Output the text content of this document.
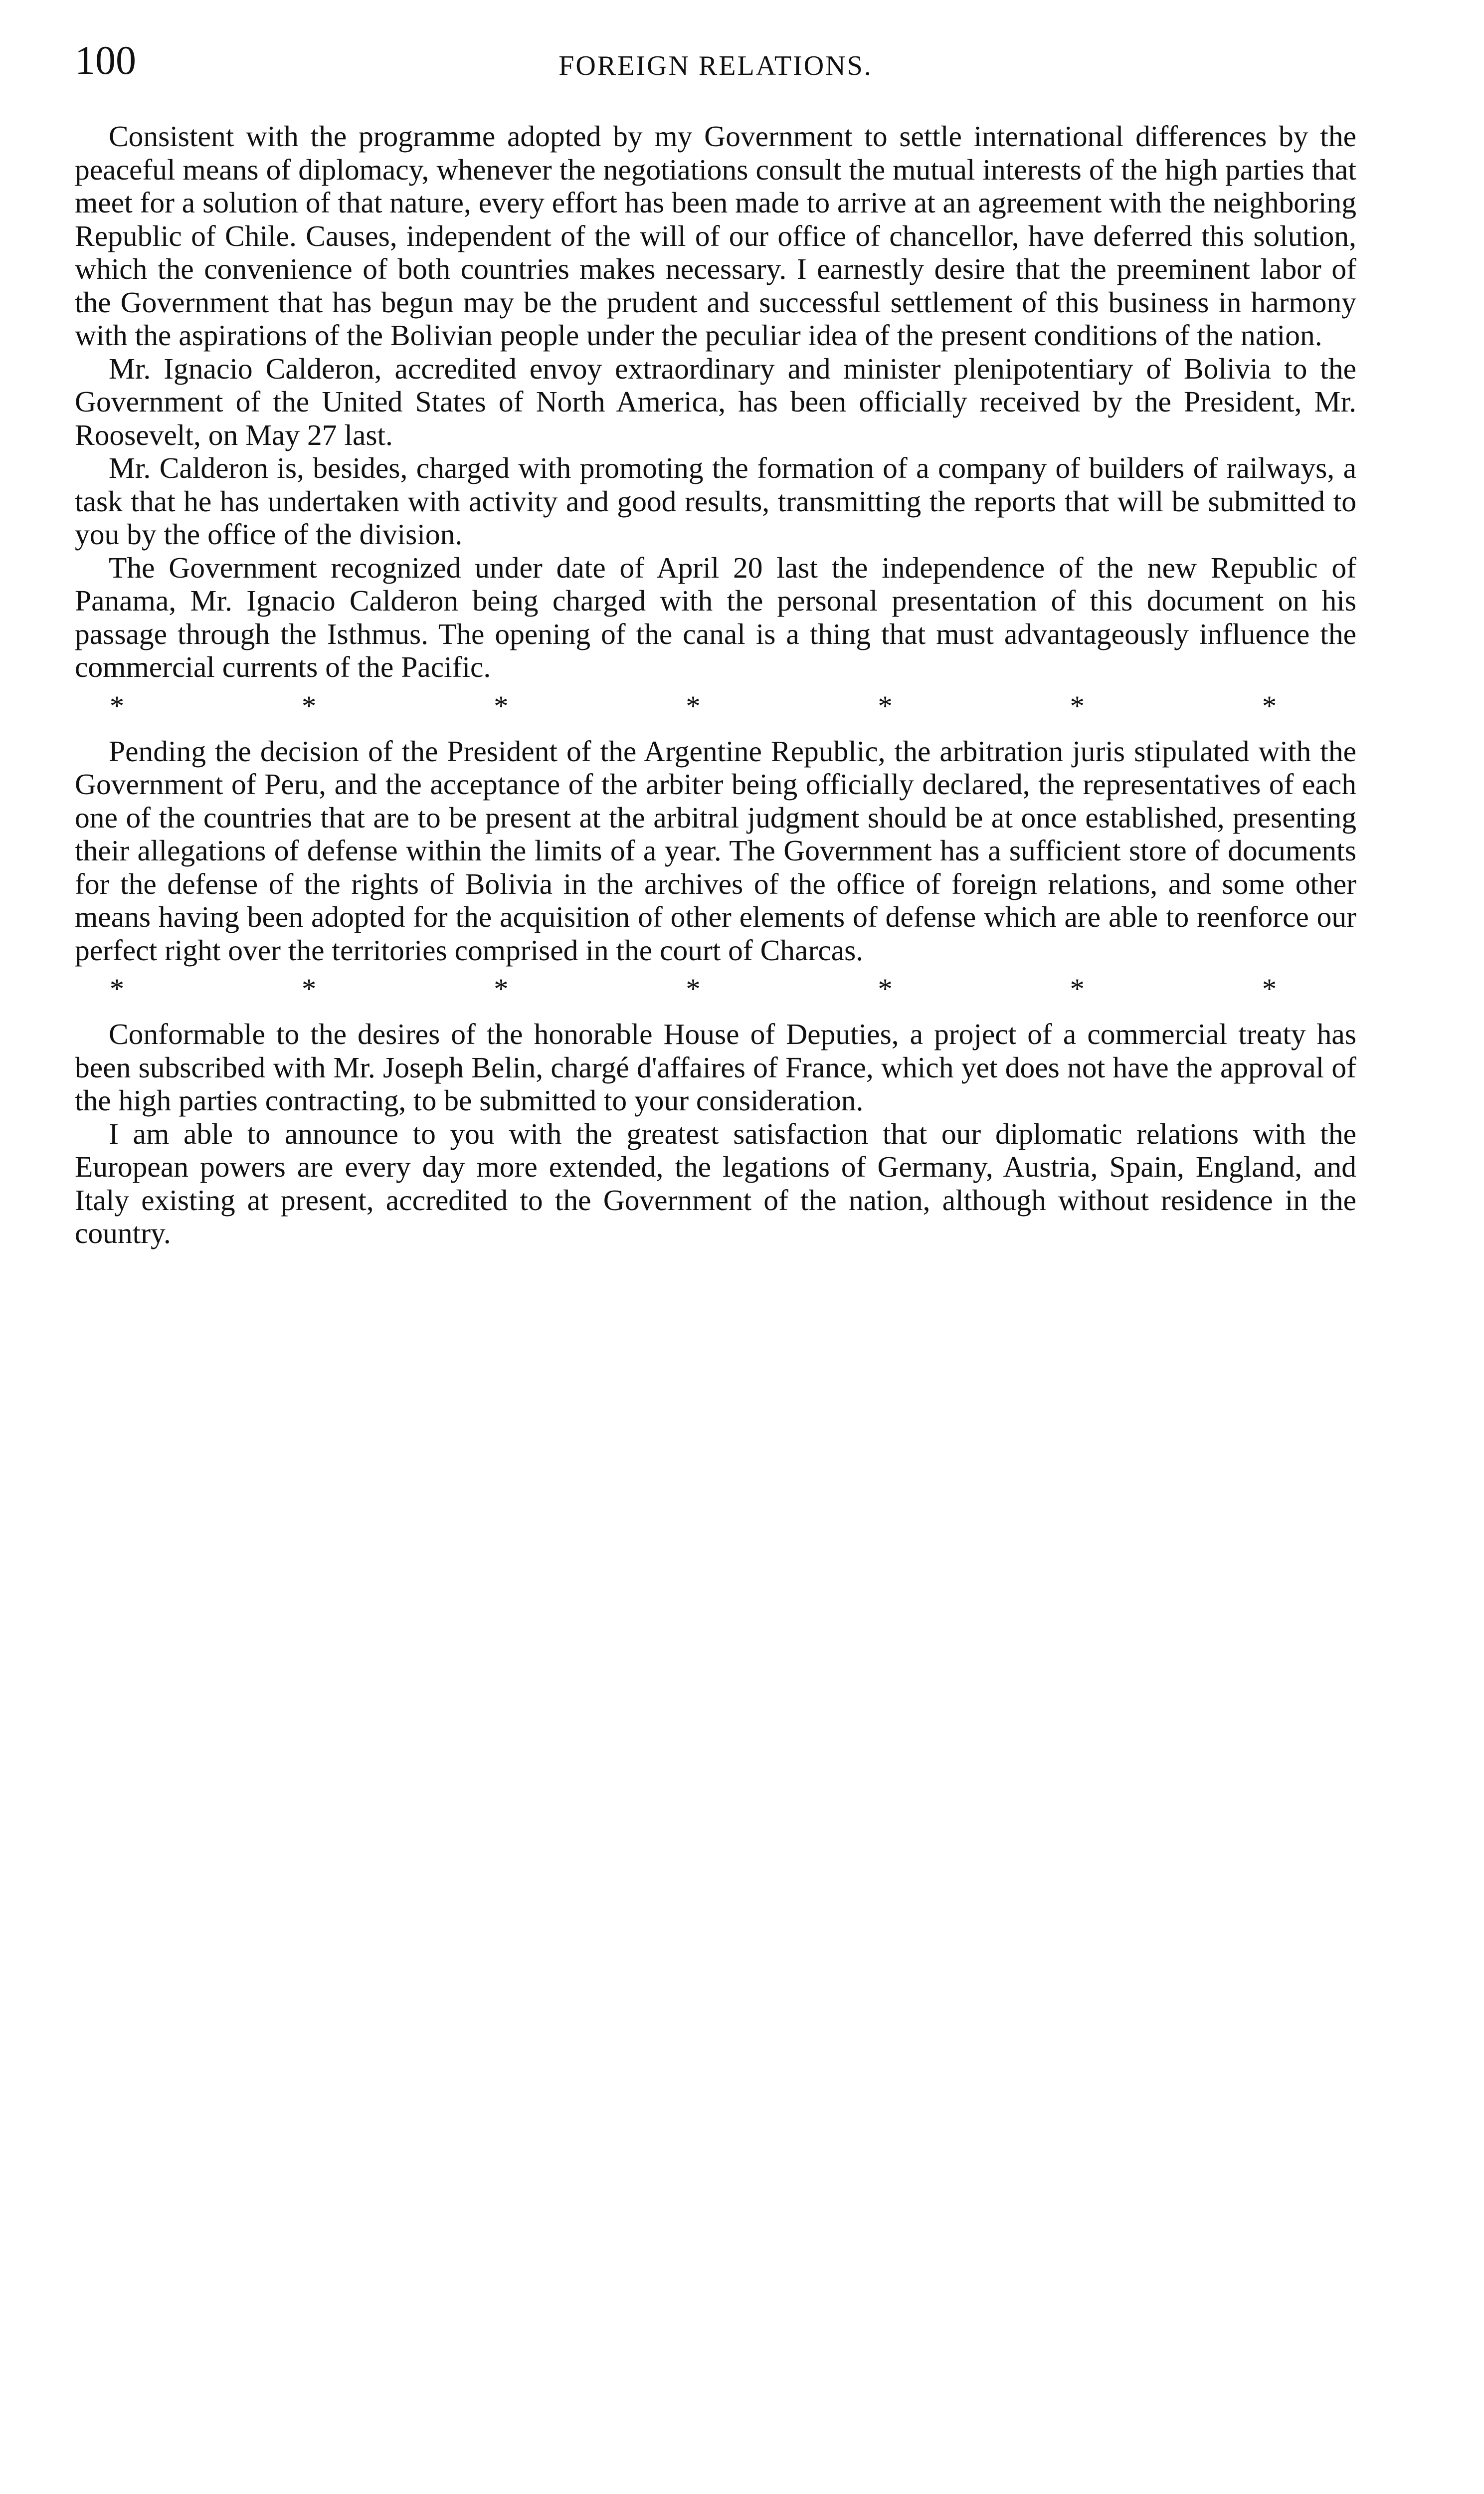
100	FOREIGN RELATIONS.

Consistent with the programme adopted by my Government to settle international differences by the peaceful means of diplomacy, whenever the negotiations consult the mutual interests of the high parties that meet for a solution of that nature, every effort has been made to arrive at an agreement with the neighboring Republic of Chile. Causes, independent of the will of our office of chancellor, have deferred this solution, which the convenience of both countries makes necessary. I earnestly desire that the preeminent labor of the Government that has begun may be the prudent and successful settlement of this business in harmony with the aspirations of the Bolivian people under the peculiar idea of the present conditions of the nation.

Mr. Ignacio Calderon, accredited envoy extraordinary and minister plenipotentiary of Bolivia to the Government of the United States of North America, has been officially received by the President, Mr. Roosevelt, on May 27 last.

Mr. Calderon is, besides, charged with promoting the formation of a company of builders of railways, a task that he has undertaken with activity and good results, transmitting the reports that will be submitted to you by the office of the division.

The Government recognized under date of April 20 last the independence of the new Republic of Panama, Mr. Ignacio Calderon being charged with the personal presentation of this document on his passage through the Isthmus. The opening of the canal is a thing that must advantageously influence the commercial currents of the Pacific.

*	*	*	*	*	*	*

Pending the decision of the President of the Argentine Republic, the arbitration juris stipulated with the Government of Peru, and the acceptance of the arbiter being officially declared, the representatives of each one of the countries that are to be present at the arbitral judgment should be at once established, presenting their allegations of defense within the limits of a year. The Government has a sufficient store of documents for the defense of the rights of Bolivia in the archives of the office of foreign relations, and some other means having been adopted for the acquisition of other elements of defense which are able to reenforce our perfect right over the territories comprised in the court of Charcas.

*	*	*	*	*	*	*

Conformable to the desires of the honorable House of Deputies, a project of a commercial treaty has been subscribed with Mr. Joseph Belin, chargé d'affaires of France, which yet does not have the approval of the high parties contracting, to be submitted to your consideration.

I am able to announce to you with the greatest satisfaction that our diplomatic relations with the European powers are every day more extended, the legations of Germany, Austria, Spain, England, and Italy existing at present, accredited to the Government of the nation, although without residence in the country.
